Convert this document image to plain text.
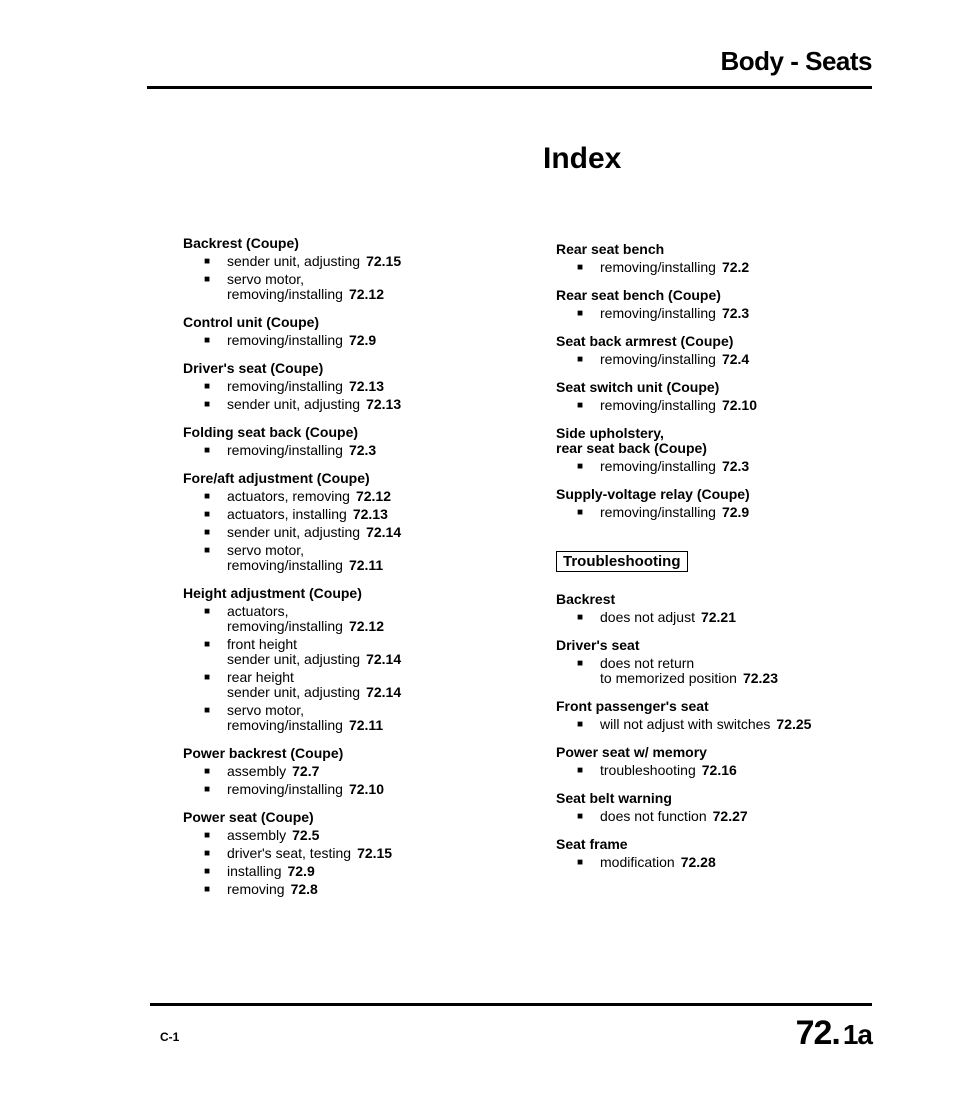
Body - Seats
Index
Backrest (Coupe)
■	sender unit, adjusting 72.15
■	servo motor,
removing/installing 72.12
Control unit (Coupe)
■	removing/installing 72.9
Driver's seat (Coupe)
■	removing/installing 72.13
■	sender unit, adjusting 72.13
Folding seat back (Coupe)
■	removing/installing 72.3
Fore/aft adjustment (Coupe)
■	actuators, removing 72.12
■	actuators, installing 72.13
■	sender unit, adjusting 72.14
■	servo motor,
removing/installing 72.11
Height adjustment (Coupe)
■	actuators,
removing/installing 72.12
■	front height
sender unit, adjusting 72.14
■	rear height
sender unit, adjusting 72.14
■	servo motor,
removing/installing 72.11
Power backrest (Coupe)
■	assembly 72.7
■	removing/installing 72.10
Power seat (Coupe)
■	assembly 72.5
■	driver's seat, testing 72.15
■	installing 72.9
■	removing 72.8
Rear seat bench
■	removing/installing 72.2
Rear seat bench (Coupe)
■	removing/installing 72.3
Seat back armrest (Coupe)
■	removing/installing 72.4
Seat switch unit (Coupe)
■	removing/installing 72.10
Side upholstery,
rear seat back (Coupe)
■	removing/installing 72.3
Supply-voltage relay (Coupe)
■	removing/installing 72.9
Troubleshooting
Backrest
■	does not adjust 72.21
Driver's seat
■	does not return
to memorized position 72.23
Front passenger's seat
■	will not adjust with switches 72.25
Power seat w/ memory
■	troubleshooting 72.16
Seat belt warning
■	does not function 72.27
Seat frame
■	modification 72.28
C-1	72. 1a
